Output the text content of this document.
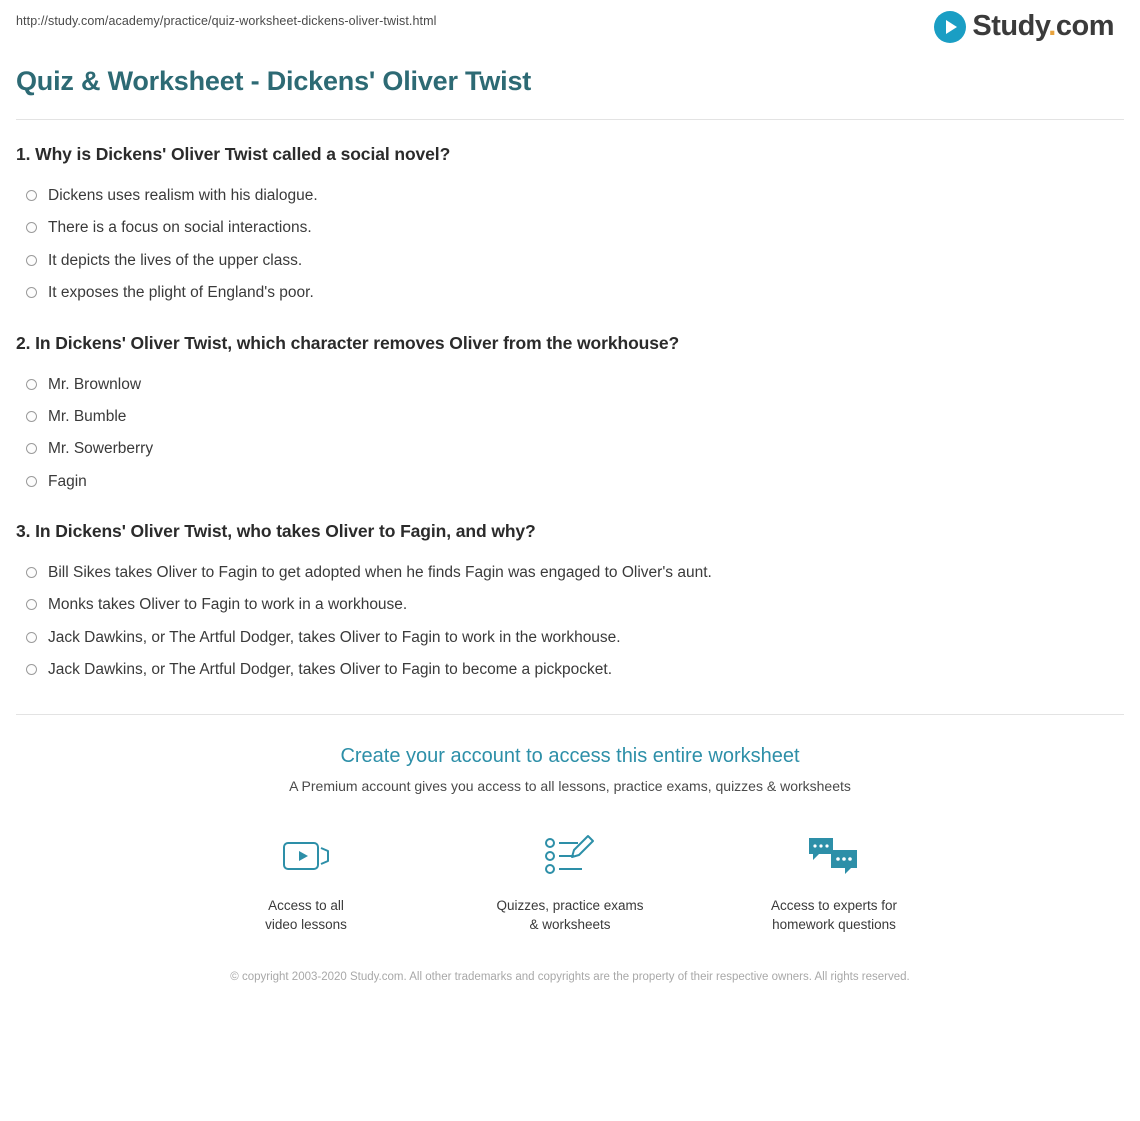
http://study.com/academy/practice/quiz-worksheet-dickens-oliver-twist.html	Study.com
Quiz & Worksheet - Dickens' Oliver Twist
1. Why is Dickens' Oliver Twist called a social novel?
Dickens uses realism with his dialogue.
There is a focus on social interactions.
It depicts the lives of the upper class.
It exposes the plight of England's poor.
2. In Dickens' Oliver Twist, which character removes Oliver from the workhouse?
Mr. Brownlow
Mr. Bumble
Mr. Sowerberry
Fagin
3. In Dickens' Oliver Twist, who takes Oliver to Fagin, and why?
Bill Sikes takes Oliver to Fagin to get adopted when he finds Fagin was engaged to Oliver's aunt.
Monks takes Oliver to Fagin to work in a workhouse.
Jack Dawkins, or The Artful Dodger, takes Oliver to Fagin to work in the workhouse.
Jack Dawkins, or The Artful Dodger, takes Oliver to Fagin to become a pickpocket.
Create your account to access this entire worksheet
A Premium account gives you access to all lessons, practice exams, quizzes & worksheets
Access to all
video lessons
Quizzes, practice exams
& worksheets
Access to experts for
homework questions
© copyright 2003-2020 Study.com. All other trademarks and copyrights are the property of their respective owners. All rights reserved.
